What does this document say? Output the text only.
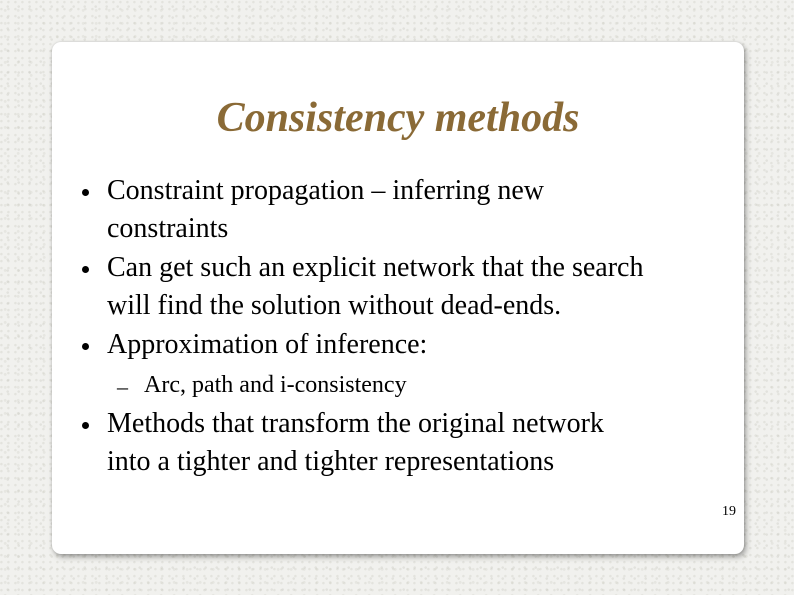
Consistency methods
Constraint propagation – inferring new
constraints
Can get such an explicit network that the search
will find the solution without dead-ends.
Approximation of inference:
– Arc, path and i-consistency
Methods that transform the original network
into a tighter and tighter representations
19
